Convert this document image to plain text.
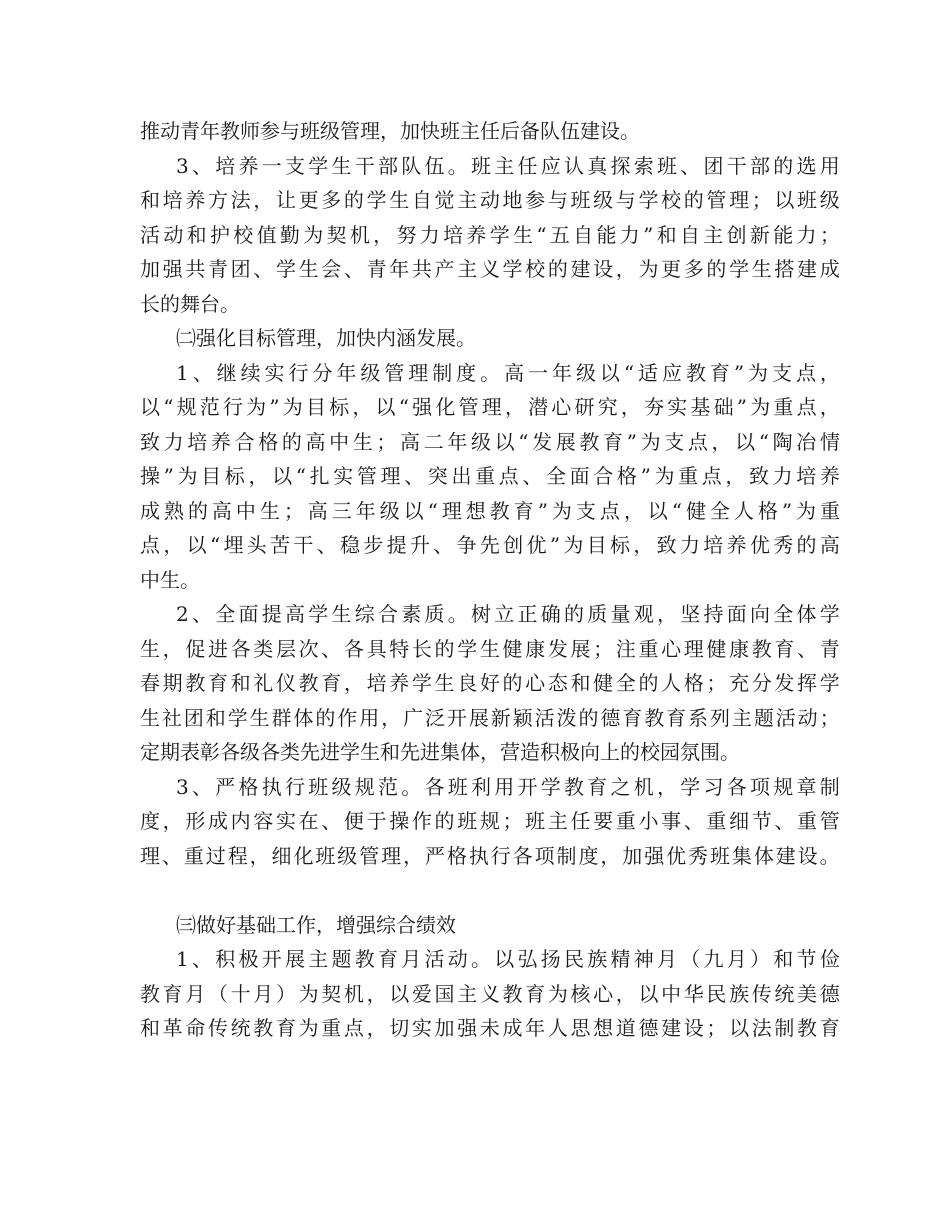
推动青年教师参与班级管理，加快班主任后备队伍建设。
3 、 培 养 一 支 学 生 干 部 队 伍 。 班 主 任 应 认 真 探 索 班 、 团 干 部 的 选 用
和 培 养 方 法 ， 让 更 多 的 学 生 自 觉 主 动 地 参 与 班 级 与 学 校 的 管 理 ； 以 班 级
活 动 和 护 校 值 勤 为 契 机 ， 努 力 培 养 学 生 “ 五 自 能 力 ” 和 自 主 创 新 能 力 ；
加 强 共 青 团 、 学 生 会 、 青 年 共 产 主 义 学 校 的 建 设 ， 为 更 多 的 学 生 搭 建 成
长的舞台。
㈡强化目标管理，加快内涵发展。
1 、 继 续 实 行 分 年 级 管 理 制 度 。 高 一 年 级 以 “ 适 应 教 育 ” 为 支 点 ，
以 “ 规 范 行 为 ” 为 目 标 ， 以 “ 强 化 管 理 ， 潜 心 研 究 ， 夯 实 基 础 ” 为 重 点 ，
致 力 培 养 合 格 的 高 中 生 ； 高 二 年 级 以 “ 发 展 教 育 ” 为 支 点 ， 以 “ 陶 冶 情
操 ” 为 目 标 ， 以 “ 扎 实 管 理 、 突 出 重 点 、 全 面 合 格 ” 为 重 点 ， 致 力 培 养
成 熟 的 高 中 生 ； 高 三 年 级 以 “ 理 想 教 育 ” 为 支 点 ， 以 “ 健 全 人 格 ” 为 重
点 ， 以 “ 埋 头 苦 干 、 稳 步 提 升 、 争 先 创 优 ” 为 目 标 ， 致 力 培 养 优 秀 的 高
中生。
2 、 全 面 提 高 学 生 综 合 素 质 。 树 立 正 确 的 质 量 观 ， 坚 持 面 向 全 体 学
生 ， 促 进 各 类 层 次 、 各 具 特 长 的 学 生 健 康 发 展 ； 注 重 心 理 健 康 教 育 、 青
春 期 教 育 和 礼 仪 教 育 ， 培 养 学 生 良 好 的 心 态 和 健 全 的 人 格 ； 充 分 发 挥 学
生 社 团 和 学 生 群 体 的 作 用 ， 广 泛 开 展 新 颖 活 泼 的 德 育 教 育 系 列 主 题 活 动 ；
定期表彰各级各类先进学生和先进集体，营造积极向上的校园氛围。
3 、 严 格 执 行 班 级 规 范 。 各 班 利 用 开 学 教 育 之 机 ， 学 习 各 项 规 章 制
度 ， 形 成 内 容 实 在 、 便 于 操 作 的 班 规 ； 班 主 任 要 重 小 事 、 重 细 节 、 重 管
理 、 重 过 程 ， 细 化 班 级 管 理 ， 严 格 执 行 各 项 制 度 ， 加 强 优 秀 班 集 体 建 设 。
㈢做好基础工作，增强综合绩效
1 、 积 极 开 展 主 题 教 育 月 活 动 。 以 弘 扬 民 族 精 神 月 （ 九 月 ） 和 节 俭
教 育 月 （ 十 月 ） 为 契 机 ， 以 爱 国 主 义 教 育 为 核 心 ， 以 中 华 民 族 传 统 美 德
和 革 命 传 统 教 育 为 重 点 ， 切 实 加 强 未 成 年 人 思 想 道 德 建 设 ； 以 法 制 教 育
